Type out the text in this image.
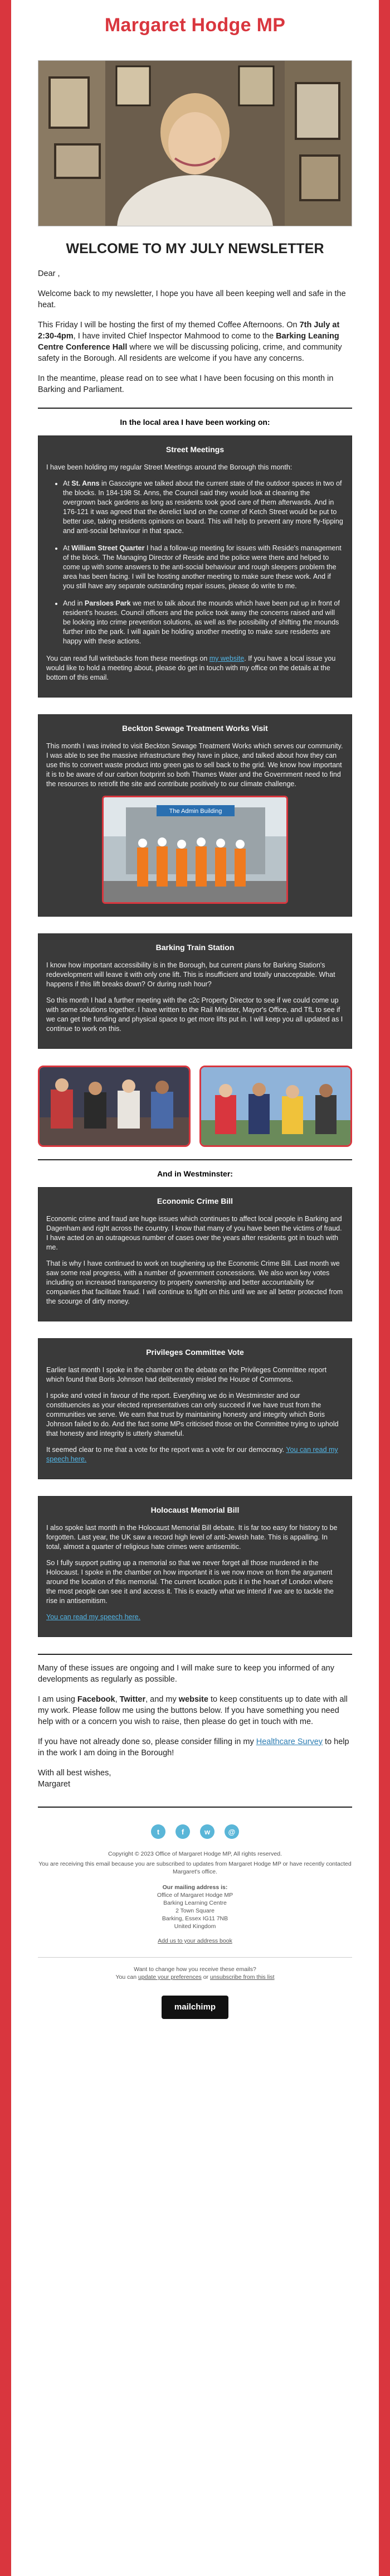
Margaret Hodge MP
WELCOME TO MY JULY NEWSLETTER

Dear ,

Welcome back to my newsletter, I hope you have all been keeping well and safe in the heat.

This Friday I will be hosting the first of my themed Coffee Afternoons. On 7th July at 2:30-4pm, I have invited Chief Inspector Mahmood to come to the Barking Leaning Centre Conference Hall where we will be discussing policing, crime, and community safety in the Borough. All residents are welcome if you have any concerns.

In the meantime, please read on to see what I have been focusing on this month in Barking and Parliament.

In the local area I have been working on:
Street Meetings

I have been holding my regular Street Meetings around the Borough this month:

• At St. Anns in Gascoigne we talked about the current state of the outdoor spaces in two of the blocks. In 184-198 St. Anns, the Council said they would look at cleaning the overgrown back gardens as long as residents took good care of them afterwards. And in 176-121 it was agreed that the derelict land on the corner of Ketch Street would be put to better use, taking residents opinions on board. This will help to prevent any more fly-tipping and anti-social behaviour in that space.
• At William Street Quarter I had a follow-up meeting for issues with Reside's management of the block. The Managing Director of Reside and the police were there and helped to come up with some answers to the anti-social behaviour and rough sleepers problem the area has been facing. I will be hosting another meeting to make sure these work. And if you still have any separate outstanding repair issues, please do write to me.
• And in Parsloes Park we met to talk about the mounds which have been put up in front of resident's houses. Council officers and the police took away the concerns raised and will be looking into crime prevention solutions, as well as the possibility of shifting the mounds further into the park. I will again be holding another meeting to make sure residents are happy with these actions.

You can read full writebacks from these meetings on my website. If you have a local issue you would like to hold a meeting about, please do get in touch with my office on the details at the bottom of this email.

Beckton Sewage Treatment Works Visit

This month I was invited to visit Beckton Sewage Treatment Works which serves our community. I was able to see the massive infrastructure they have in place, and talked about how they can use this to convert waste product into green gas to sell back to the grid. We know how important it is to be aware of our carbon footprint so both Thames Water and the Government need to find the resources to retrofit the site and contribute positively to our climate challenge.

The Admin Building
Barking Train Station

I know how important accessibility is in the Borough, but current plans for Barking Station's redevelopment will leave it with only one lift. This is insufficient and totally unacceptable. What happens if this lift breaks down? Or during rush hour?

So this month I had a further meeting with the c2c Property Director to see if we could come up with some solutions together. I have written to the Rail Minister, Mayor's Office, and TfL to see if we can get the funding and physical space to get more lifts put in. I will keep you all updated as I continue to work on this.

And in Westminster:
Economic Crime Bill

Economic crime and fraud are huge issues which continues to affect local people in Barking and Dagenham and right across the country. I know that many of you have been the victims of fraud. I have acted on an outrageous number of cases over the years after residents got in touch with me.

That is why I have continued to work on toughening up the Economic Crime Bill. Last month we saw some real progress, with a number of government concessions. We also won key votes including on increased transparency to property ownership and better accountability for companies that facilitate fraud. I will continue to fight on this until we are all better protected from the scourge of dirty money.

Privileges Committee Vote

Earlier last month I spoke in the chamber on the debate on the Privileges Committee report which found that Boris Johnson had deliberately misled the House of Commons.

I spoke and voted in favour of the report. Everything we do in Westminster and our constituencies as your elected representatives can only succeed if we have trust from the communities we serve. We earn that trust by maintaining honesty and integrity which Boris Johnson failed to do. And the fact some MPs criticised those on the Committee trying to uphold that honesty and integrity is utterly shameful.

It seemed clear to me that a vote for the report was a vote for our democracy. You can read my speech here.

Holocaust Memorial Bill

I also spoke last month in the Holocaust Memorial Bill debate. It is far too easy for history to be forgotten. Last year, the UK saw a record high level of anti-Jewish hate. This is appalling. In total, almost a quarter of religious hate crimes were antisemitic.

So I fully support putting up a memorial so that we never forget all those murdered in the Holocaust. I spoke in the chamber on how important it is we now move on from the argument around the location of this memorial. The current location puts it in the heart of London where the most people can see it and access it. This is exactly what we intend if we are to tackle the rise in antisemitism.

You can read my speech here.

Many of these issues are ongoing and I will make sure to keep you informed of any developments as regularly as possible.

I am using Facebook, Twitter, and my website to keep constituents up to date with all my work. Please follow me using the buttons below. If you have something you need help with or a concern you wish to raise, then please do get in touch with me.

If you have not already done so, please consider filling in my Healthcare Survey to help in the work I am doing in the Borough!

With all best wishes,
Margaret

t	f	w	@
Copyright © 2023 Office of Margaret Hodge MP, All rights reserved.
You are receiving this email because you are subscribed to updates from Margaret Hodge MP or have recently contacted Margaret's office.
Our mailing address is:
Office of Margaret Hodge MP
Barking Learning Centre
2 Town Square
Barking, Essex IG11 7NB
United Kingdom
Add us to your address book
Want to change how you receive these emails?
You can update your preferences or unsubscribe from this list
mailchimp
